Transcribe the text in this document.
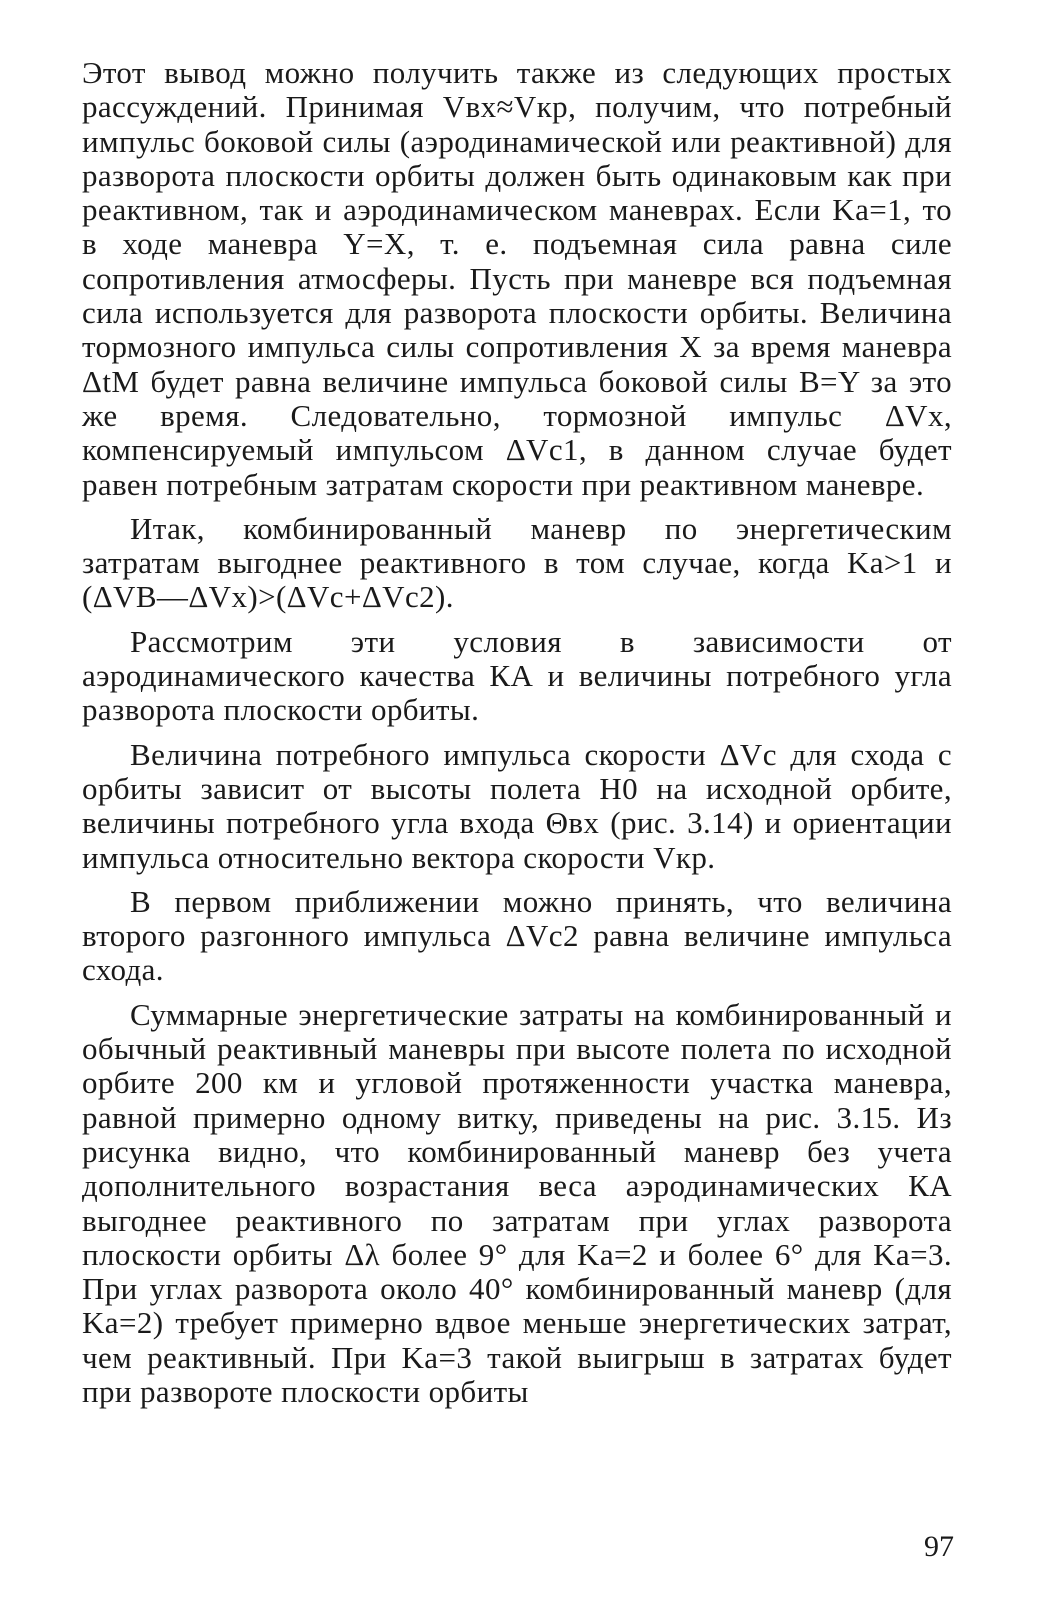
Этот вывод можно получить также из следующих простых рассуждений. Принимая Vвх≈Vкр, получим, что потребный импульс боковой силы (аэродинамической или реактивной) для разворота плоскости орбиты должен быть одинаковым как при реактивном, так и аэродинамическом маневрах. Если Kа=1, то в ходе маневра Y=X, т. е. подъемная сила равна силе сопротивления атмосферы. Пусть при маневре вся подъемная сила используется для разворота плоскости орбиты. Величина тормозного импульса силы сопротивления X за время маневра ΔtМ будет равна величине импульса боковой силы B=Y за это же время. Следовательно, тормозной импульс ΔVx, компенсируемый импульсом ΔVc1, в данном случае будет равен потребным затратам скорости при реактивном маневре.

Итак, комбинированный маневр по энергетическим затратам выгоднее реактивного в том случае, когда Kа>1 и (ΔVB—ΔVx)>(ΔVc+ΔVc2).

Рассмотрим эти условия в зависимости от аэродинамического качества КА и величины потребного угла разворота плоскости орбиты.

Величина потребного импульса скорости ΔVc для схода с орбиты зависит от высоты полета H0 на исходной орбите, величины потребного угла входа Θвх (рис. 3.14) и ориентации импульса относительно вектора скорости Vкр.

В первом приближении можно принять, что величина второго разгонного импульса ΔVc2 равна величине импульса схода.

Суммарные энергетические затраты на комбинированный и обычный реактивный маневры при высоте полета по исходной орбите 200 км и угловой протяженности участка маневра, равной примерно одному витку, приведены на рис. 3.15. Из рисунка видно, что комбинированный маневр без учета дополнительного возрастания веса аэродинамических КА выгоднее реактивного по затратам при углах разворота плоскости орбиты Δλ более 9° для Kа=2 и более 6° для Kа=3. При углах разворота около 40° комбинированный маневр (для Kа=2) требует примерно вдвое меньше энергетических затрат, чем реактивный. При Kа=3 такой выигрыш в затратах будет при развороте плоскости орбиты

97
